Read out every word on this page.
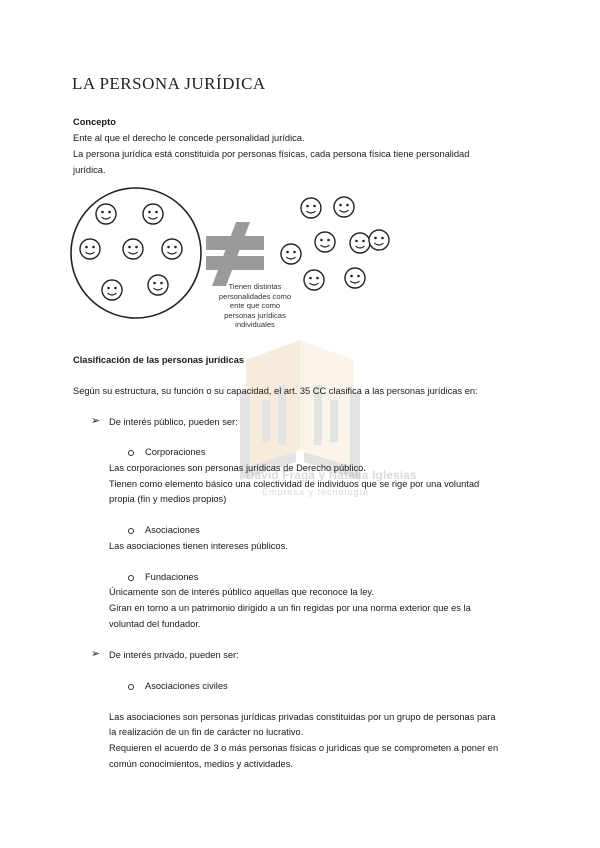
David Fraga y Natalia Iglesias
Empresa y tecnología
LA PERSONA JURÍDICA
Concepto
Ente al que el derecho le concede personalidad jurídica.
La persona jurídica está constituida por personas físicas, cada persona física tiene personalidad
jurídica.
Tienen distintas personalidades como ente que como personas jurídicas individuales
Clasificación de las personas jurídicas
Según su estructura, su función o su capacidad, el art. 35 CC clasifica a las personas jurídicas en:
➢ De interés público, pueden ser:
Corporaciones
Las corporaciones son personas jurídicas de Derecho público.
Tienen como elemento básico una colectividad de individuos que se rige por una voluntad
propia (fin y medios propios)
Asociaciones
Las asociaciones tienen intereses públicos.
Fundaciones
Únicamente son de interés público aquellas que reconoce la ley.
Giran en torno a un patrimonio dirigido a un fin regidas por una norma exterior que es la
voluntad del fundador.
➢ De interés privado, pueden ser:
Asociaciones civiles
Las asociaciones son personas jurídicas privadas constituidas por un grupo de personas para
la realización de un fin de carácter no lucrativo.
Requieren el acuerdo de 3 o más personas físicas o jurídicas que se comprometen a poner en
común conocimientos, medios y actividades.
